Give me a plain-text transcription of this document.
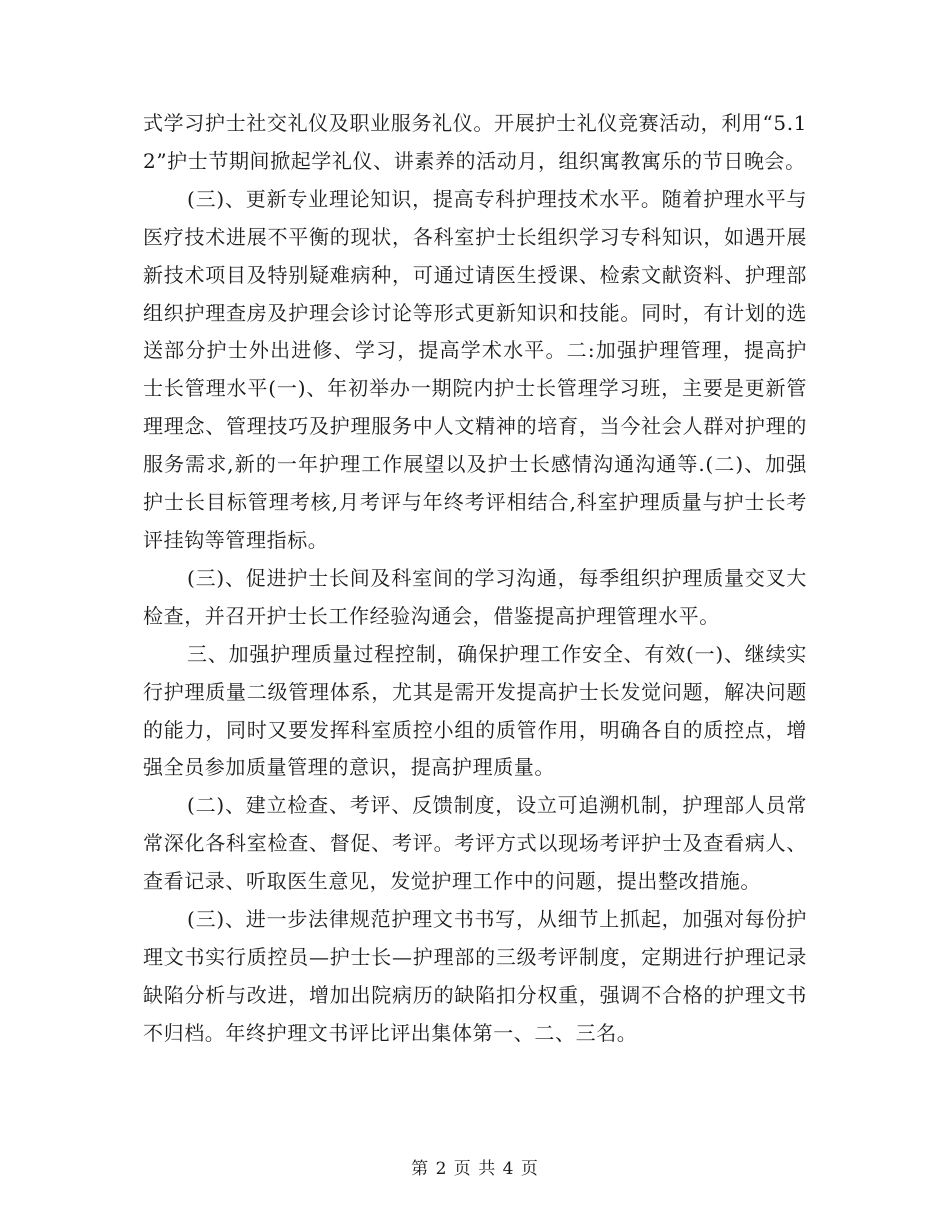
式学习护士社交礼仪及职业服务礼仪。开展护士礼仪竞赛活动，利用“5.12”护士节期间掀起学礼仪、讲素养的活动月，组织寓教寓乐的节日晚会。

(三)、更新专业理论知识，提高专科护理技术水平。随着护理水平与医疗技术进展不平衡的现状，各科室护士长组织学习专科知识，如遇开展新技术项目及特别疑难病种，可通过请医生授课、检索文献资料、护理部组织护理查房及护理会诊讨论等形式更新知识和技能。同时，有计划的选送部分护士外出进修、学习，提高学术水平。二:加强护理管理，提高护士长管理水平(一)、年初举办一期院内护士长管理学习班，主要是更新管理理念、管理技巧及护理服务中人文精神的培育，当今社会人群对护理的服务需求,新的一年护理工作展望以及护士长感情沟通沟通等.(二)、加强护士长目标管理考核,月考评与年终考评相结合,科室护理质量与护士长考评挂钩等管理指标。

(三)、促进护士长间及科室间的学习沟通，每季组织护理质量交叉大检查，并召开护士长工作经验沟通会，借鉴提高护理管理水平。

三、加强护理质量过程控制，确保护理工作安全、有效(一)、继续实行护理质量二级管理体系，尤其是需开发提高护士长发觉问题，解决问题的能力，同时又要发挥科室质控小组的质管作用，明确各自的质控点，增强全员参加质量管理的意识，提高护理质量。

(二)、建立检查、考评、反馈制度，设立可追溯机制，护理部人员常常深化各科室检查、督促、考评。考评方式以现场考评护士及查看病人、查看记录、听取医生意见，发觉护理工作中的问题，提出整改措施。

(三)、进一步法律规范护理文书书写，从细节上抓起，加强对每份护理文书实行质控员—护士长—护理部的三级考评制度，定期进行护理记录缺陷分析与改进，增加出院病历的缺陷扣分权重，强调不合格的护理文书不归档。年终护理文书评比评出集体第一、二、三名。

第 2 页 共 4 页
